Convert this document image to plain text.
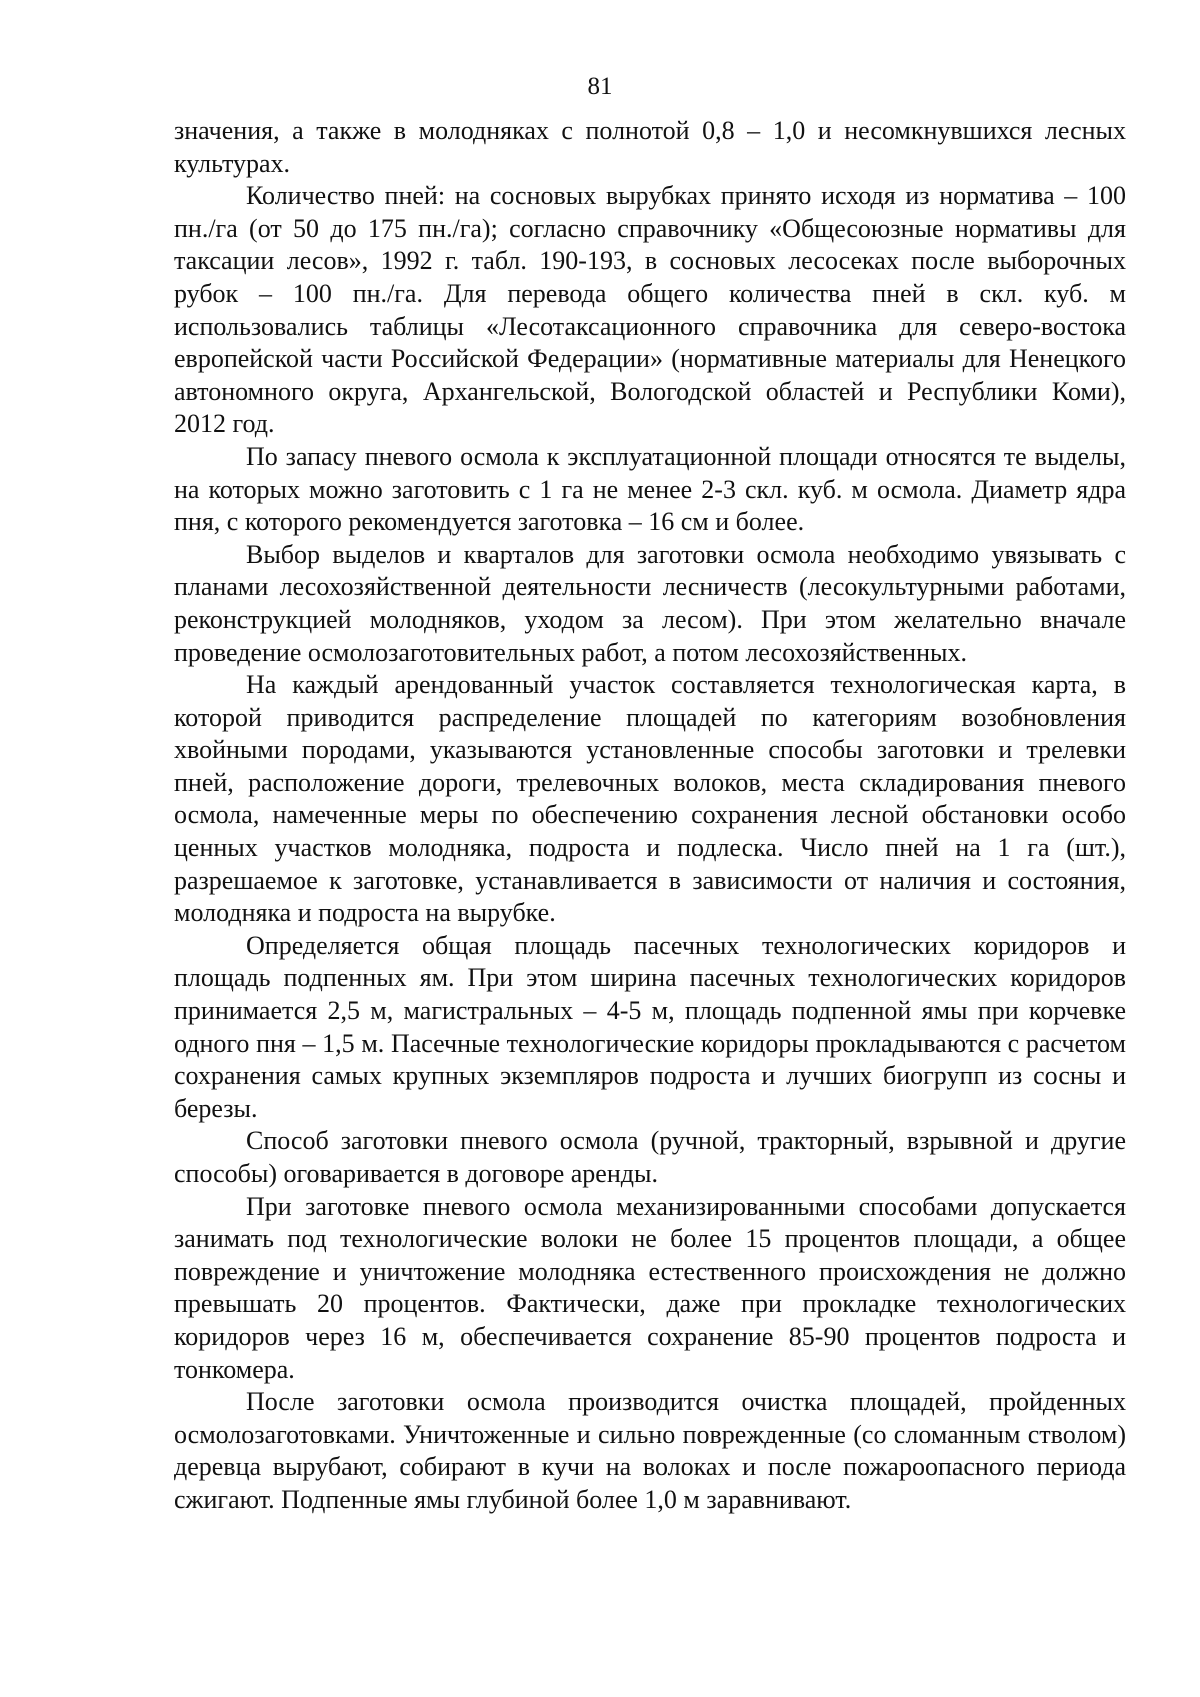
81

значения, а также в молодняках с полнотой 0,8 – 1,0 и несомкнувшихся лесных культурах.

Количество пней: на сосновых вырубках принято исходя из норматива – 100 пн./га (от 50 до 175 пн./га); согласно справочнику «Общесоюзные нормативы для таксации лесов», 1992 г. табл. 190-193, в сосновых лесосеках после выборочных рубок – 100 пн./га. Для перевода общего количества пней в скл. куб. м использовались таблицы «Лесотаксационного справочника для северо-востока европейской части Российской Федерации» (нормативные материалы для Ненецкого автономного округа, Архангельской, Вологодской областей и Республики Коми), 2012 год.

По запасу пневого осмола к эксплуатационной площади относятся те выделы, на которых можно заготовить с 1 га не менее 2-3 скл. куб. м осмола. Диаметр ядра пня, с которого рекомендуется заготовка – 16 см и более.

Выбор выделов и кварталов для заготовки осмола необходимо увязывать с планами лесохозяйственной деятельности лесничеств (лесокультурными работами, реконструкцией молодняков, уходом за лесом). При этом желательно вначале проведение осмолозаготовительных работ, а потом лесохозяйственных.

На каждый арендованный участок составляется технологическая карта, в которой приводится распределение площадей по категориям возобновления хвойными породами, указываются установленные способы заготовки и трелевки пней, расположение дороги, трелевочных волоков, места складирования пневого осмола, намеченные меры по обеспечению сохранения лесной обстановки особо ценных участков молодняка, подроста и подлеска. Число пней на 1 га (шт.), разрешаемое к заготовке, устанавливается в зависимости от наличия и состояния, молодняка и подроста на вырубке.

Определяется общая площадь пасечных технологических коридоров и площадь подпенных ям. При этом ширина пасечных технологических коридоров принимается 2,5 м, магистральных – 4-5 м, площадь подпенной ямы при корчевке одного пня – 1,5 м. Пасечные технологические коридоры прокладываются с расчетом сохранения самых крупных экземпляров подроста и лучших биогрупп из сосны и березы.

Способ заготовки пневого осмола (ручной, тракторный, взрывной и другие способы) оговаривается в договоре аренды.

При заготовке пневого осмола механизированными способами допускается занимать под технологические волоки не более 15 процентов площади, а общее повреждение и уничтожение молодняка естественного происхождения не должно превышать 20 процентов. Фактически, даже при прокладке технологических коридоров через 16 м, обеспечивается сохранение 85-90 процентов подроста и тонкомера.

После заготовки осмола производится очистка площадей, пройденных осмолозаготовками. Уничтоженные и сильно поврежденные (со сломанным стволом) деревца вырубают, собирают в кучи на волоках и после пожароопасного периода сжигают. Подпенные ямы глубиной более 1,0 м заравнивают.
